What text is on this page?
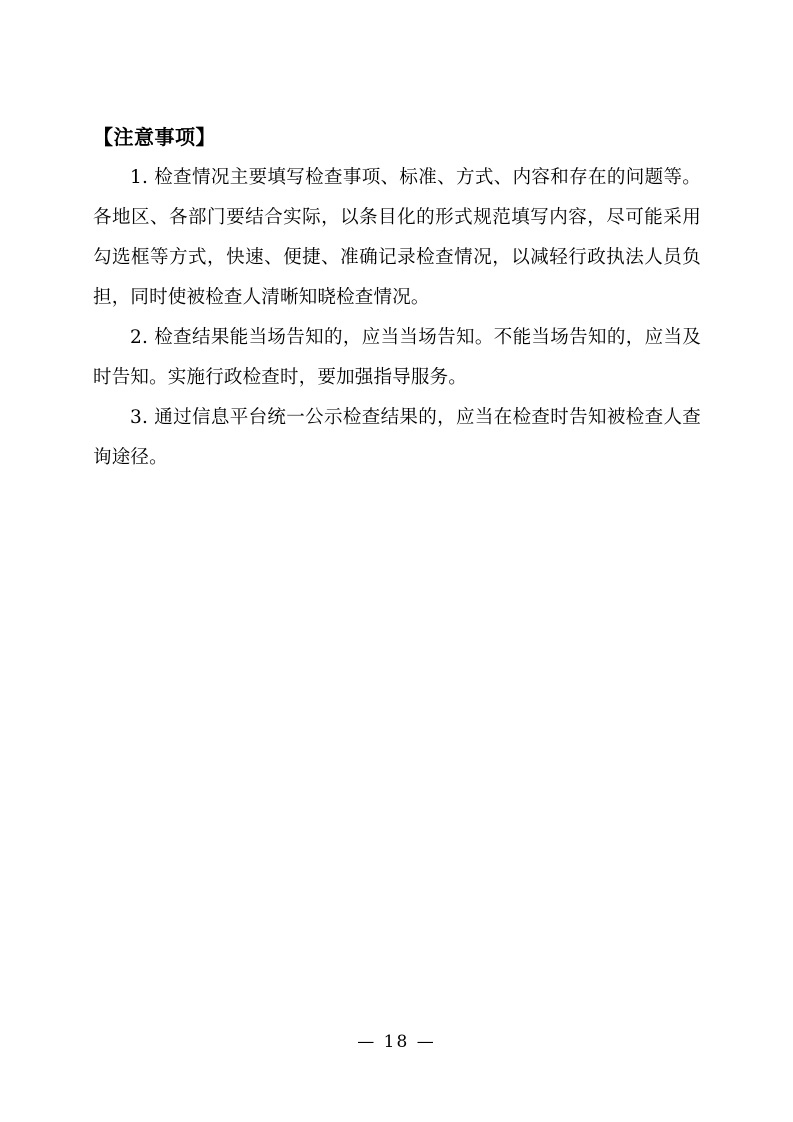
【注意事项】

1. 检查情况主要填写检查事项、标准、方式、内容和存在的问题等。各地区、各部门要结合实际，以条目化的形式规范填写内容，尽可能采用勾选框等方式，快速、便捷、准确记录检查情况，以减轻行政执法人员负担，同时使被检查人清晰知晓检查情况。

2. 检查结果能当场告知的，应当当场告知。不能当场告知的，应当及时告知。实施行政检查时，要加强指导服务。

3. 通过信息平台统一公示检查结果的，应当在检查时告知被检查人查询途径。

— 18 —
